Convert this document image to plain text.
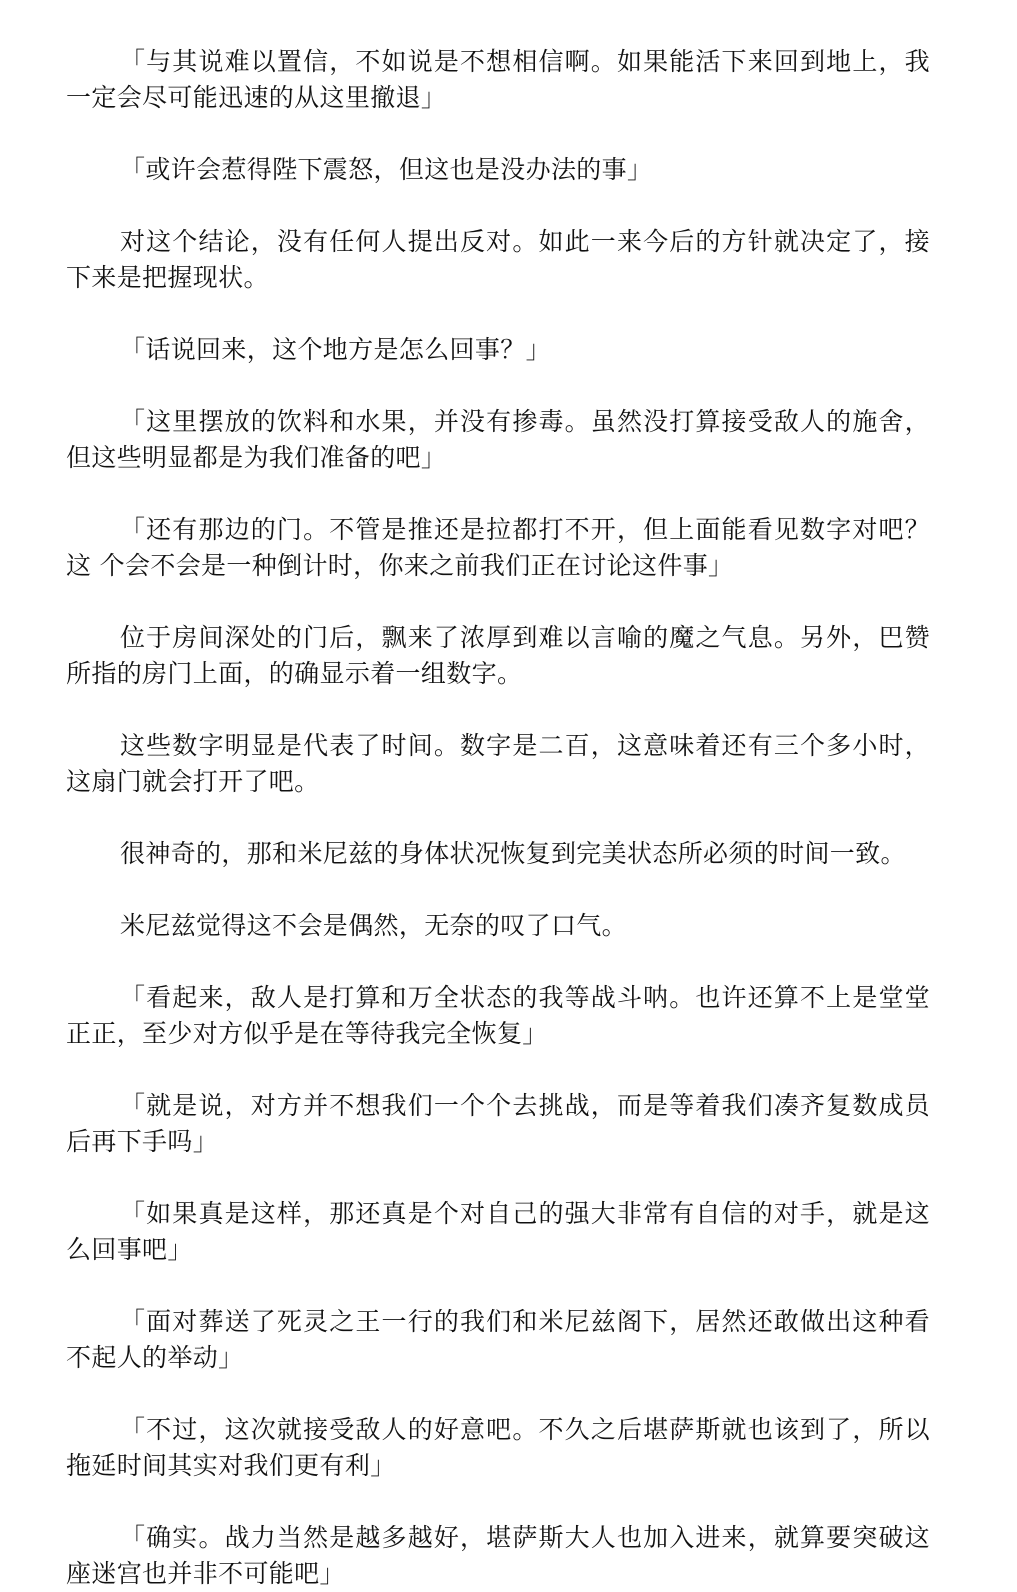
「与其说难以置信，不如说是不想相信啊。如果能活下来回到地上，我一定会尽可能迅速的从这里撤退」

「或许会惹得陛下震怒，但这也是没办法的事」

对这个结论，没有任何人提出反对。如此一来今后的方针就决定了，接下来是把握现状。

「话说回来，这个地方是怎么回事？」

「这里摆放的饮料和水果，并没有掺毒。虽然没打算接受敌人的施舍，但这些明显都是为我们准备的吧」

「还有那边的门。不管是推还是拉都打不开，但上面能看见数字对吧？这 个会不会是一种倒计时，你来之前我们正在讨论这件事」

位于房间深处的门后，飘来了浓厚到难以言喻的魔之气息。另外，巴赞所指的房门上面，的确显示着一组数字。

这些数字明显是代表了时间。数字是二百，这意味着还有三个多小时，这扇门就会打开了吧。

很神奇的，那和米尼兹的身体状况恢复到完美状态所必须的时间一致。

米尼兹觉得这不会是偶然，无奈的叹了口气。

「看起来，敌人是打算和万全状态的我等战斗呐。也许还算不上是堂堂正正，至少对方似乎是在等待我完全恢复」

「就是说，对方并不想我们一个个去挑战，而是等着我们凑齐复数成员后再下手吗」

「如果真是这样，那还真是个对自己的强大非常有自信的对手，就是这么回事吧」

「面对葬送了死灵之王一行的我们和米尼兹阁下，居然还敢做出这种看不起人的举动」

「不过，这次就接受敌人的好意吧。不久之后堪萨斯就也该到了，所以拖延时间其实对我们更有利」

「确实。战力当然是越多越好，堪萨斯大人也加入进来，就算要突破这座迷宫也并非不可能吧」
